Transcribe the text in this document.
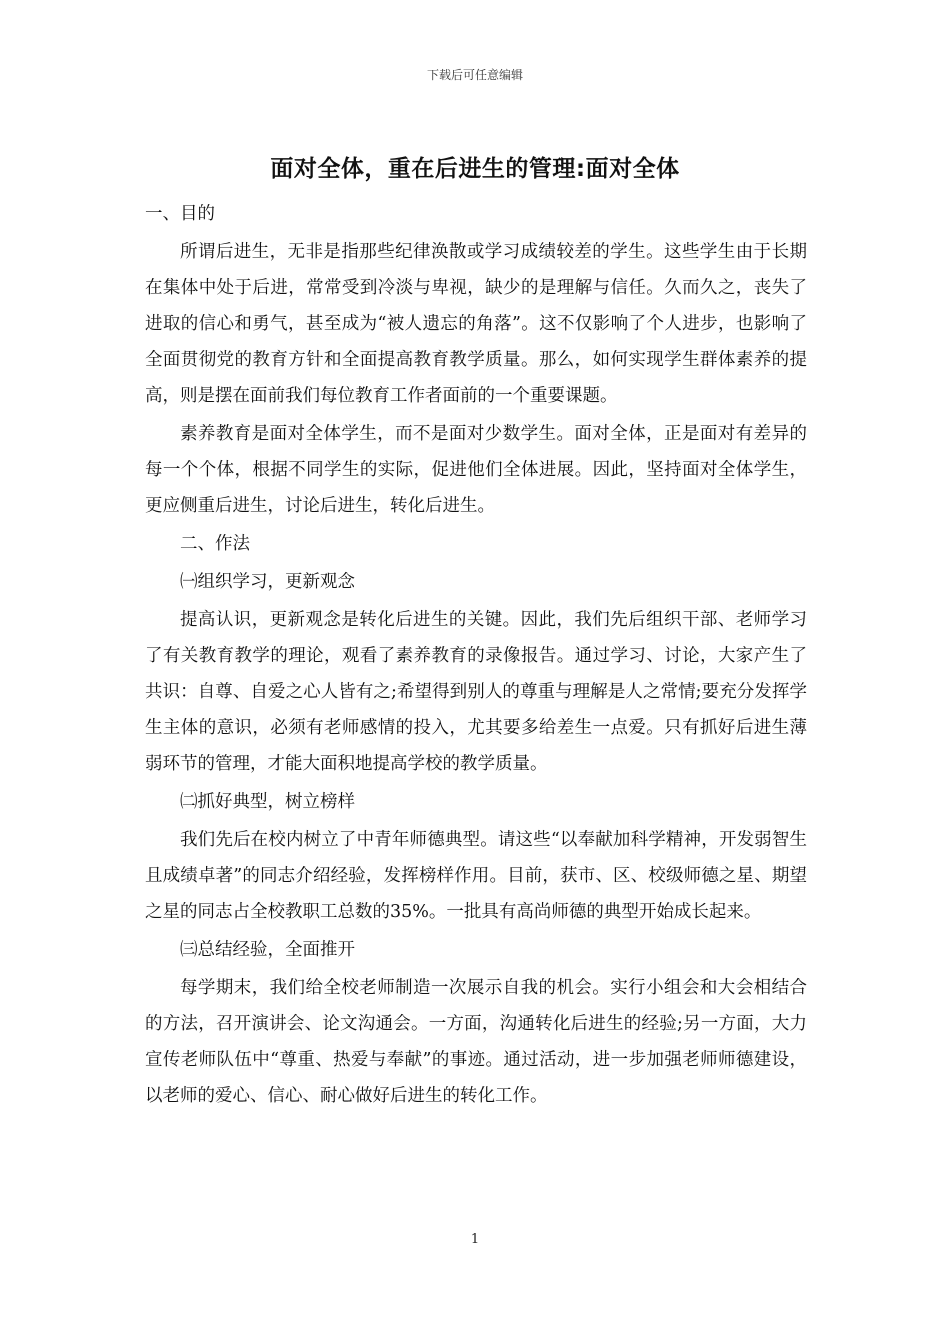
下载后可任意编辑
面对全体，重在后进生的管理:面对全体

一、目的

所谓后进生，无非是指那些纪律涣散或学习成绩较差的学生。这些学生由于长期在集体中处于后进，常常受到冷淡与卑视，缺少的是理解与信任。久而久之，丧失了进取的信心和勇气，甚至成为“被人遗忘的角落”。这不仅影响了个人进步，也影响了全面贯彻党的教育方针和全面提高教育教学质量。那么，如何实现学生群体素养的提高，则是摆在面前我们每位教育工作者面前的一个重要课题。

素养教育是面对全体学生，而不是面对少数学生。面对全体，正是面对有差异的每一个个体，根据不同学生的实际，促进他们全体进展。因此，坚持面对全体学生，更应侧重后进生，讨论后进生，转化后进生。

二、作法

㈠组织学习，更新观念

提高认识，更新观念是转化后进生的关键。因此，我们先后组织干部、老师学习了有关教育教学的理论，观看了素养教育的录像报告。通过学习、讨论，大家产生了共识：自尊、自爱之心人皆有之;希望得到别人的尊重与理解是人之常情;要充分发挥学生主体的意识，必须有老师感情的投入，尤其要多给差生一点爱。只有抓好后进生薄弱环节的管理，才能大面积地提高学校的教学质量。

㈡抓好典型，树立榜样

我们先后在校内树立了中青年师德典型。请这些“以奉献加科学精神，开发弱智生且成绩卓著”的同志介绍经验，发挥榜样作用。目前，获市、区、校级师德之星、期望之星的同志占全校教职工总数的35%。一批具有高尚师德的典型开始成长起来。

㈢总结经验，全面推开

每学期末，我们给全校老师制造一次展示自我的机会。实行小组会和大会相结合的方法，召开演讲会、论文沟通会。一方面，沟通转化后进生的经验;另一方面，大力宣传老师队伍中“尊重、热爱与奉献”的事迹。通过活动，进一步加强老师师德建设，以老师的爱心、信心、耐心做好后进生的转化工作。

1
